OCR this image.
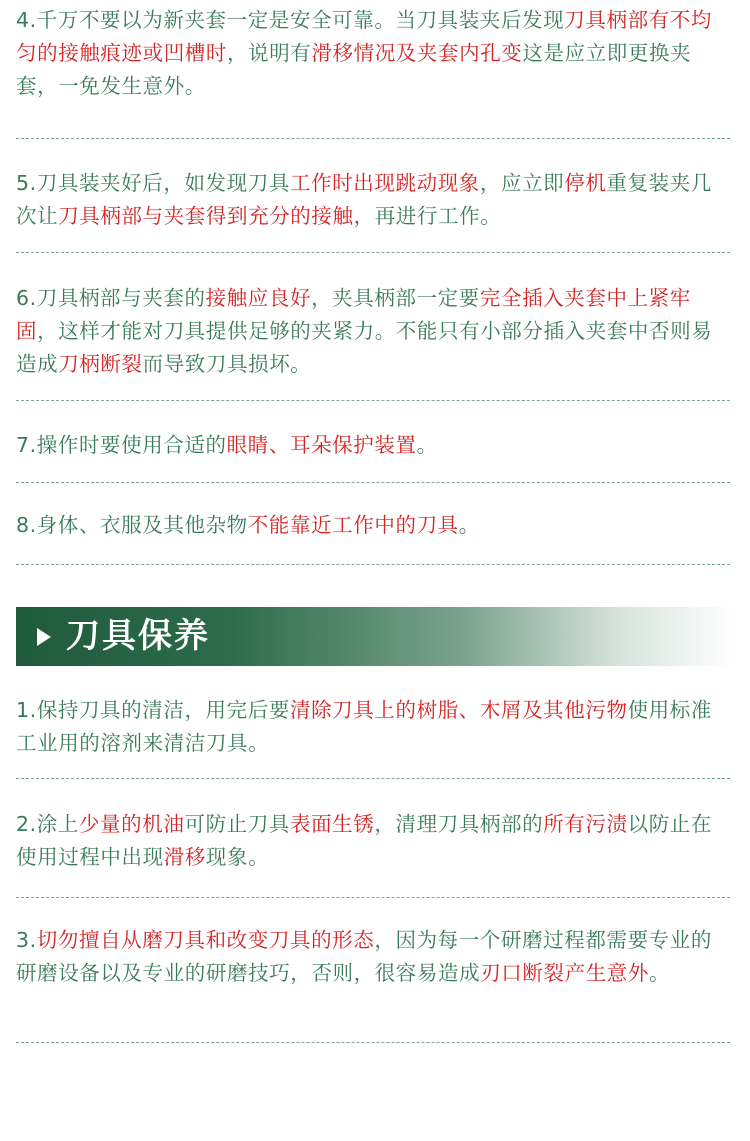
4.千万不要以为新夹套一定是安全可靠。当刀具装夹后发现刀具柄部有不均匀的接触痕迹或凹槽时，说明有滑移情况及夹套内孔变这是应立即更换夹套，一免发生意外。

5.刀具装夹好后，如发现刀具工作时出现跳动现象，应立即停机重复装夹几次让刀具柄部与夹套得到充分的接触，再进行工作。

6.刀具柄部与夹套的接触应良好，夹具柄部一定要完全插入夹套中上紧牢固，这样才能对刀具提供足够的夹紧力。不能只有小部分插入夹套中否则易造成刀柄断裂而导致刀具损坏。

7.操作时要使用合适的眼睛、耳朵保护装置。

8.身体、衣服及其他杂物不能靠近工作中的刀具。

刀具保养

1.保持刀具的清洁，用完后要清除刀具上的树脂、木屑及其他污物使用标准工业用的溶剂来清洁刀具。

2.涂上少量的机油可防止刀具表面生锈，清理刀具柄部的所有污渍以防止在使用过程中出现滑移现象。

3.切勿擅自从磨刀具和改变刀具的形态，因为每一个研磨过程都需要专业的研磨设备以及专业的研磨技巧，否则，很容易造成刃口断裂产生意外。
